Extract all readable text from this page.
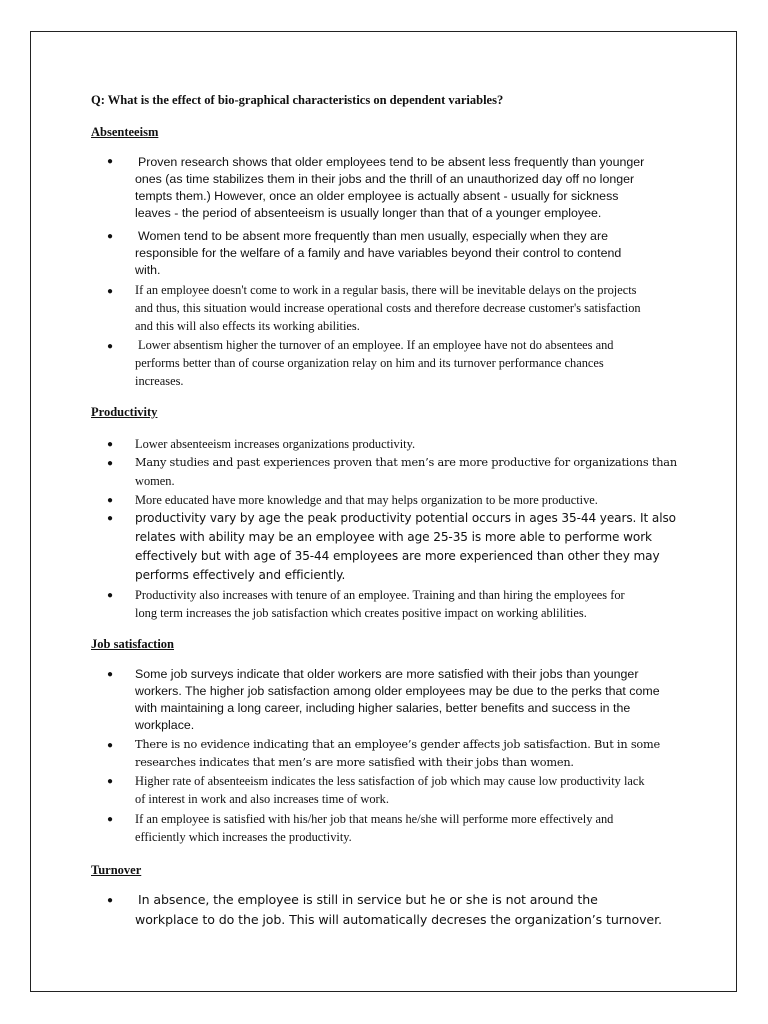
Q: What is the effect of bio-graphical characteristics on dependent variables?
Absenteeism
● Proven research shows that older employees tend to be absent less frequently than younger
ones (as time stabilizes them in their jobs and the thrill of an unauthorized day off no longer
tempts them.) However, once an older employee is actually absent - usually for sickness
leaves - the period of absenteeism is usually longer than that of a younger employee.
● Women tend to be absent more frequently than men usually, especially when they are
responsible for the welfare of a family and have variables beyond their control to contend
with.
● If an employee doesn't come to work in a regular basis, there will be inevitable delays on the projects
and thus, this situation would increase operational costs and therefore decrease customer's satisfaction
and this will also effects its working abilities.
● Lower absentism higher the turnover of an employee. If an employee have not do absentees and
performs better than of course organization relay on him and its turnover performance chances
increases.
Productivity
● Lower absenteeism increases organizations productivity.
● Many studies and past experiences proven that men’s are more productive for organizations than
women.
● More educated have more knowledge and that may helps organization to be more productive.
● productivity vary by age the peak productivity potential occurs in ages 35-44 years. It also
relates with ability may be an employee with age 25-35 is more able to performe work
effectively but with age of 35-44 employees are more experienced than other they may
performs effectively and efficiently.
● Productivity also increases with tenure of an employee. Training and than hiring the employees for
long term increases the job satisfaction which creates positive impact on working ablilities.
Job satisfaction
● Some job surveys indicate that older workers are more satisfied with their jobs than younger
workers. The higher job satisfaction among older employees may be due to the perks that come
with maintaining a long career, including higher salaries, better benefits and success in the
workplace.
● There is no evidence indicating that an employee’s gender affects job satisfaction. But in some
researches indicates that men’s are more satisfied with their jobs than women.
● Higher rate of absenteeism indicates the less satisfaction of job which may cause low productivity lack
of interest in work and also increases time of work.
● If an employee is satisfied with his/her job that means he/she will performe more effectively and
efficiently which increases the productivity.
Turnover
● In absence, the employee is still in service but he or she is not around the
workplace to do the job. This will automatically decreses the organization’s turnover.
